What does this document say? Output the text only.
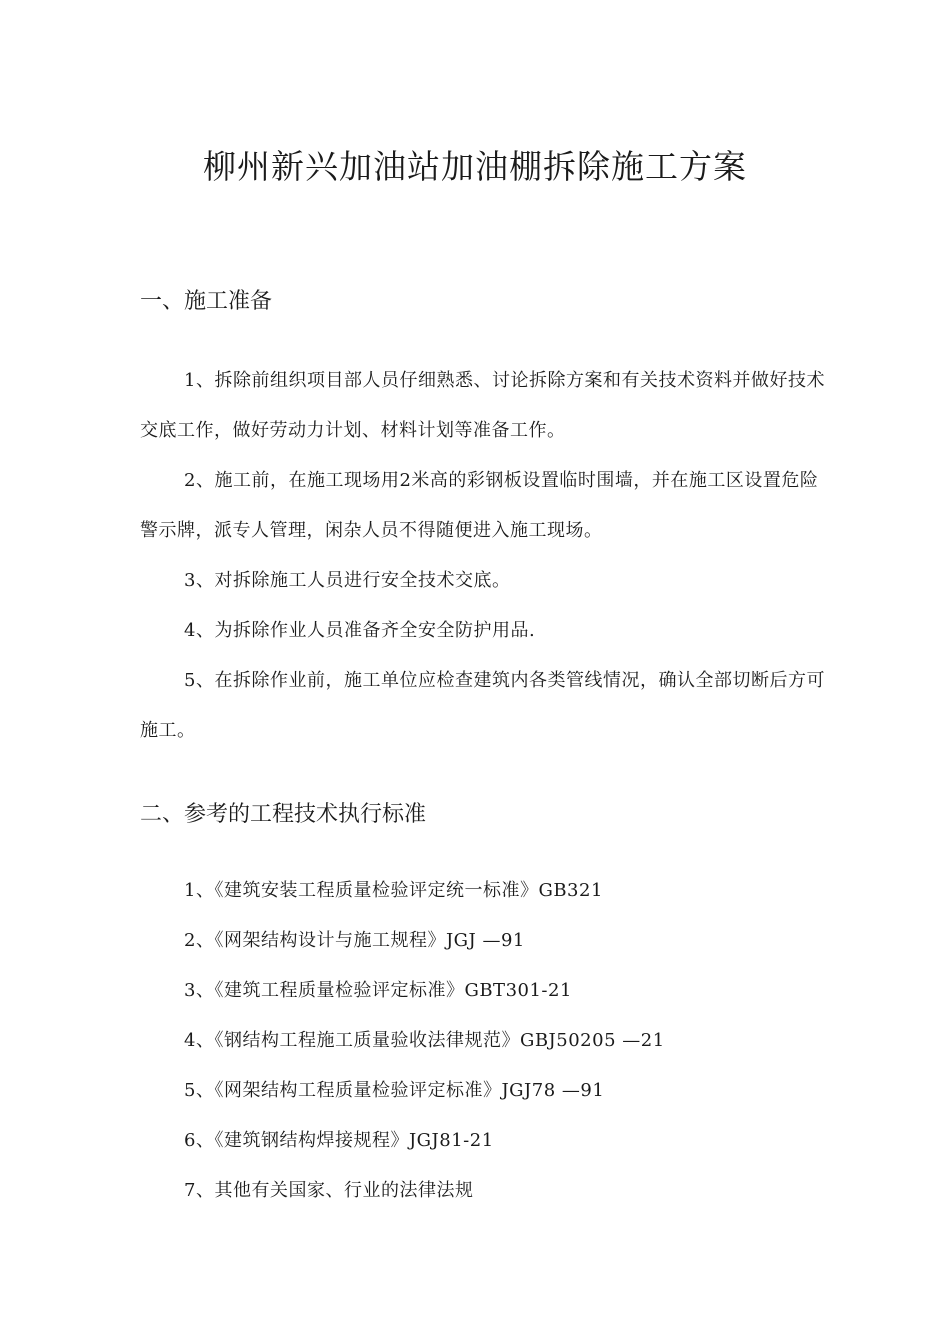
柳州新兴加油站加油棚拆除施工方案
一、施工准备

1、拆除前组织项目部人员仔细熟悉、讨论拆除方案和有关技术资料并做好技术交底工作，做好劳动力计划、材料计划等准备工作。

2、施工前，在施工现场用2米高的彩钢板设置临时围墙，并在施工区设置危险警示牌，派专人管理，闲杂人员不得随便进入施工现场。

3、对拆除施工人员进行安全技术交底。

4、为拆除作业人员准备齐全安全防护用品.

5、在拆除作业前，施工单位应检查建筑内各类管线情况，确认全部切断后方可施工。

二、参考的工程技术执行标准

1、《建筑安装工程质量检验评定统一标准》GB321

2、《网架结构设计与施工规程》JGJ —91

3、《建筑工程质量检验评定标准》GBT301-21

4、《钢结构工程施工质量验收法律规范》GBJ50205 —21

5、《网架结构工程质量检验评定标准》JGJ78 —91

6、《建筑钢结构焊接规程》JGJ81-21

7、其他有关国家、行业的法律法规
